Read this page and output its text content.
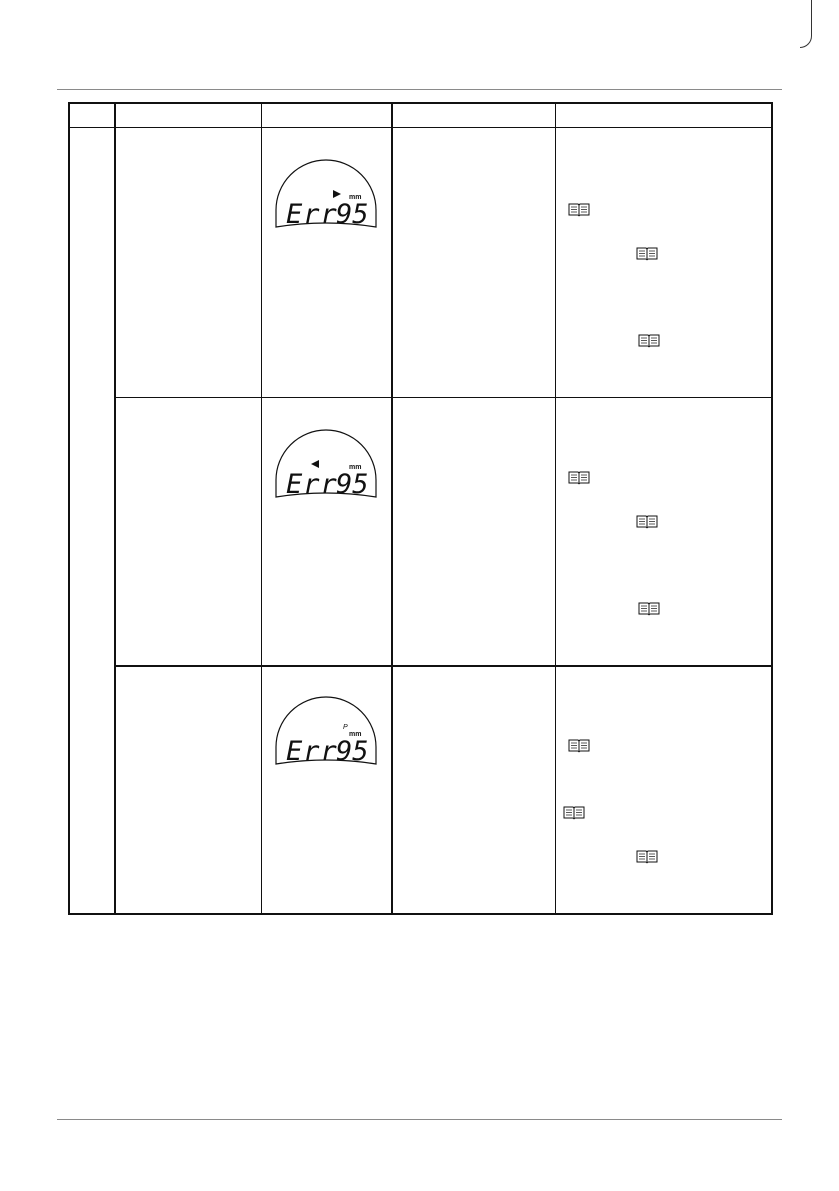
mm
Err
95
mm
Err
95
P
mm
Err
95
